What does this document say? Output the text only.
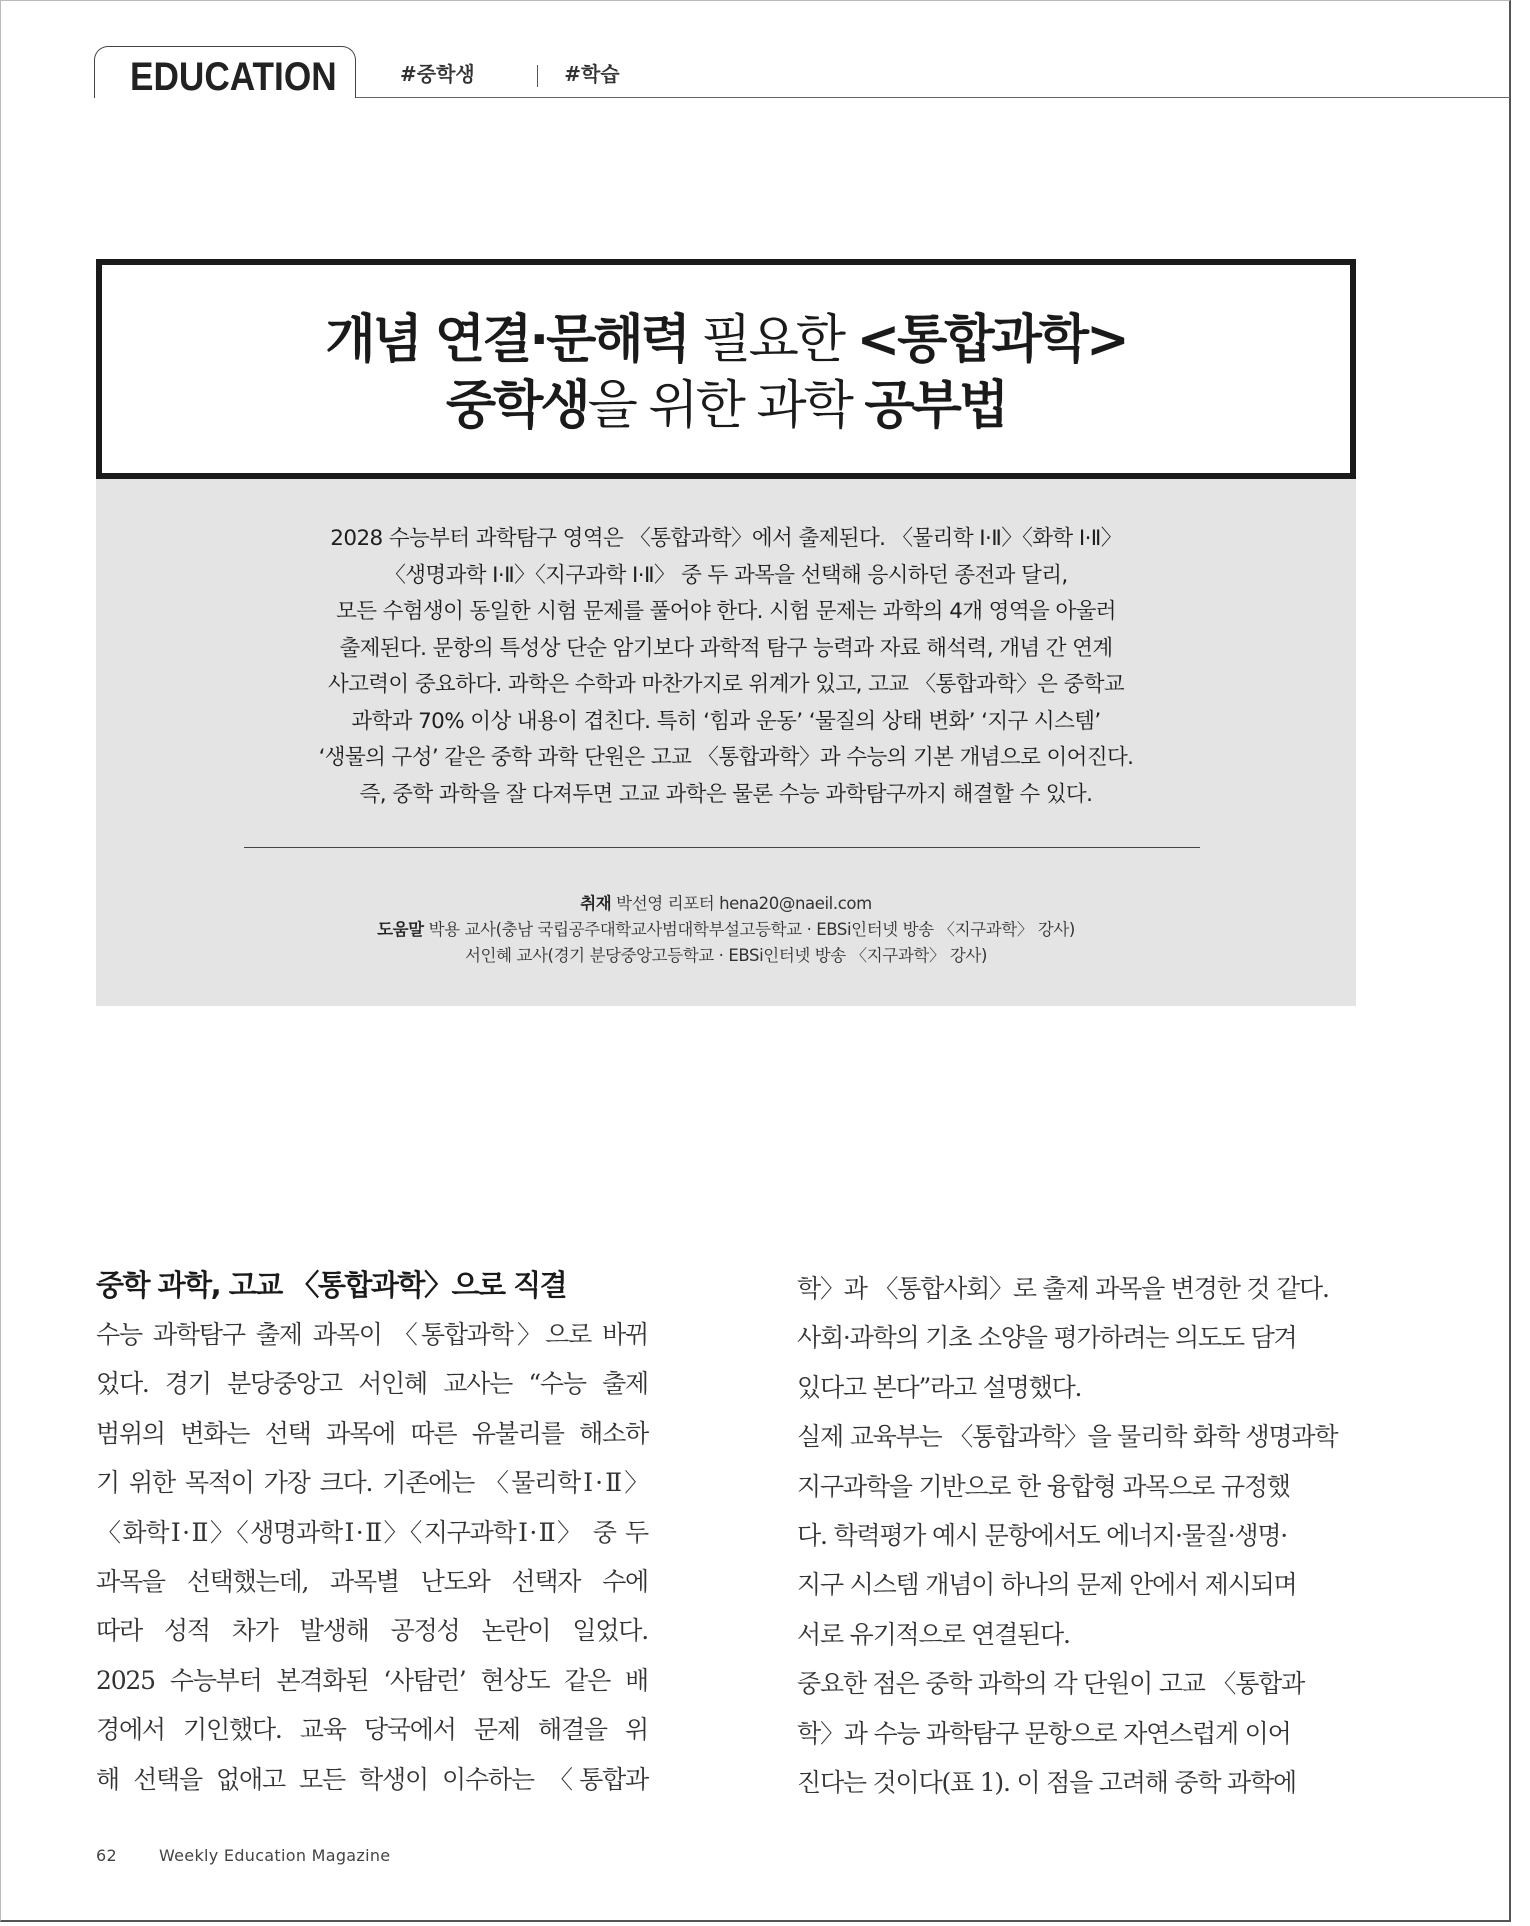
EDUCATION	#중학생	#학습
개념 연결·문해력 필요한 <통합과학>
중학생을 위한 과학 공부법
2028 수능부터 과학탐구 영역은 〈통합과학〉에서 출제된다. 〈물리학 Ⅰ·Ⅱ〉〈화학 Ⅰ·Ⅱ〉
〈생명과학 Ⅰ·Ⅱ〉〈지구과학 Ⅰ·Ⅱ〉 중 두 과목을 선택해 응시하던 종전과 달리,
모든 수험생이 동일한 시험 문제를 풀어야 한다. 시험 문제는 과학의 4개 영역을 아울러
출제된다. 문항의 특성상 단순 암기보다 과학적 탐구 능력과 자료 해석력, 개념 간 연계
사고력이 중요하다. 과학은 수학과 마찬가지로 위계가 있고, 고교 〈통합과학〉은 중학교
과학과 70% 이상 내용이 겹친다. 특히 ‘힘과 운동’ ‘물질의 상태 변화’ ‘지구 시스템’
‘생물의 구성’ 같은 중학 과학 단원은 고교 〈통합과학〉과 수능의 기본 개념으로 이어진다.
즉, 중학 과학을 잘 다져두면 고교 과학은 물론 수능 과학탐구까지 해결할 수 있다.
취재 박선영 리포터 hena20@naeil.com
도움말 박용 교사(충남 국립공주대학교사범대학부설고등학교 · EBSi인터넷 방송 〈지구과학〉 강사)
서인혜 교사(경기 분당중앙고등학교 · EBSi인터넷 방송 〈지구과학〉 강사)
중학 과학, 고교 〈통합과학〉으로 직결
수능 과학탐구 출제 과목이 〈통합과학〉으로 바뀌
었다. 경기 분당중앙고 서인혜 교사는 “수능 출제
범위의 변화는 선택 과목에 따른 유불리를 해소하
기 위한 목적이 가장 크다. 기존에는 〈물리학Ⅰ·Ⅱ〉
〈화학Ⅰ·Ⅱ〉〈생명과학Ⅰ·Ⅱ〉〈지구과학Ⅰ·Ⅱ〉 중 두
과목을 선택했는데, 과목별 난도와 선택자 수에
따라 성적 차가 발생해 공정성 논란이 일었다.
2025 수능부터 본격화된 ‘사탐런’ 현상도 같은 배
경에서 기인했다. 교육 당국에서 문제 해결을 위
해 선택을 없애고 모든 학생이 이수하는 〈통합과
학〉과 〈통합사회〉로 출제 과목을 변경한 것 같다.
사회·과학의 기초 소양을 평가하려는 의도도 담겨
있다고 본다”라고 설명했다.
실제 교육부는 〈통합과학〉을 물리학 화학 생명과학
지구과학을 기반으로 한 융합형 과목으로 규정했
다. 학력평가 예시 문항에서도 에너지·물질·생명·
지구 시스템 개념이 하나의 문제 안에서 제시되며
서로 유기적으로 연결된다.
중요한 점은 중학 과학의 각 단원이 고교 〈통합과
학〉과 수능 과학탐구 문항으로 자연스럽게 이어
진다는 것이다(표 1). 이 점을 고려해 중학 과학에
62	Weekly Education Magazine
